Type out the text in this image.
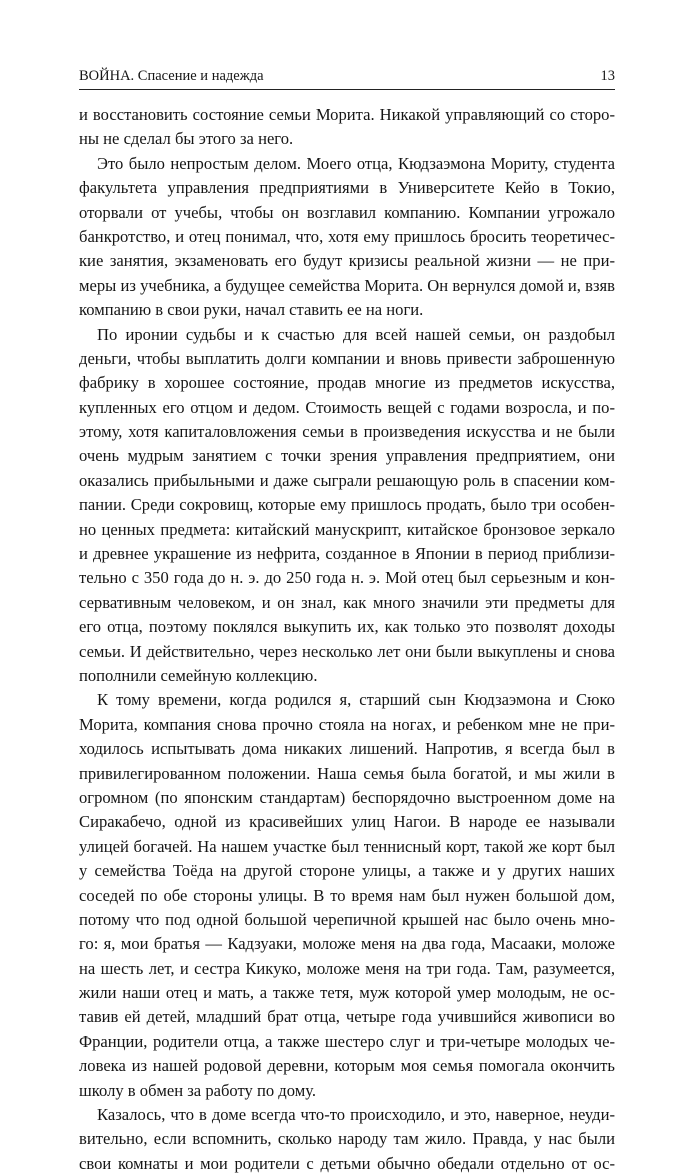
ВОЙНА. Спасение и надежда	13
и восстановить состояние семьи Морита. Никакой управляющий со сторо-
ны не сделал бы этого за него.
Это было непростым делом. Моего отца, Кюдзаэмона Мориту, студента
факультета управления предприятиями в Университете Кейо в Токио,
оторвали от учебы, чтобы он возглавил компанию. Компании угрожало
банкротство, и отец понимал, что, хотя ему пришлось бросить теоретичес-
кие занятия, экзаменовать его будут кризисы реальной жизни — не при-
меры из учебника, а будущее семейства Морита. Он вернулся домой и, взяв
компанию в свои руки, начал ставить ее на ноги.
По иронии судьбы и к счастью для всей нашей семьи, он раздобыл
деньги, чтобы выплатить долги компании и вновь привести заброшенную
фабрику в хорошее состояние, продав многие из предметов искусства,
купленных его отцом и дедом. Стоимость вещей с годами возросла, и по-
этому, хотя капиталовложения семьи в произведения искусства и не были
очень мудрым занятием с точки зрения управления предприятием, они
оказались прибыльными и даже сыграли решающую роль в спасении ком-
пании. Среди сокровищ, которые ему пришлось продать, было три особен-
но ценных предмета: китайский манускрипт, китайское бронзовое зеркало
и древнее украшение из нефрита, созданное в Японии в период приблизи-
тельно с 350 года до н. э. до 250 года н. э. Мой отец был серьезным и кон-
сервативным человеком, и он знал, как много значили эти предметы для
его отца, поэтому поклялся выкупить их, как только это позволят доходы
семьи. И действительно, через несколько лет они были выкуплены и снова
пополнили семейную коллекцию.
К тому времени, когда родился я, старший сын Кюдзаэмона и Сюко
Морита, компания снова прочно стояла на ногах, и ребенком мне не при-
ходилось испытывать дома никаких лишений. Напротив, я всегда был в
привилегированном положении. Наша семья была богатой, и мы жили в
огромном (по японским стандартам) беспорядочно выстроенном доме на
Сиракабечо, одной из красивейших улиц Нагои. В народе ее называли
улицей богачей. На нашем участке был теннисный корт, такой же корт был
у семейства Тоёда на другой стороне улицы, а также и у других наших
соседей по обе стороны улицы. В то время нам был нужен большой дом,
потому что под одной большой черепичной крышей нас было очень мно-
го: я, мои братья — Кадзуаки, моложе меня на два года, Масааки, моложе
на шесть лет, и сестра Кикуко, моложе меня на три года. Там, разумеется,
жили наши отец и мать, а также тетя, муж которой умер молодым, не ос-
тавив ей детей, младший брат отца, четыре года учившийся живописи во
Франции, родители отца, а также шестеро слуг и три-четыре молодых че-
ловека из нашей родовой деревни, которым моя семья помогала окончить
школу в обмен за работу по дому.
Казалось, что в доме всегда что-то происходило, и это, наверное, неуди-
вительно, если вспомнить, сколько народу там жило. Правда, у нас были
свои комнаты и мои родители с детьми обычно обедали отдельно от ос-
